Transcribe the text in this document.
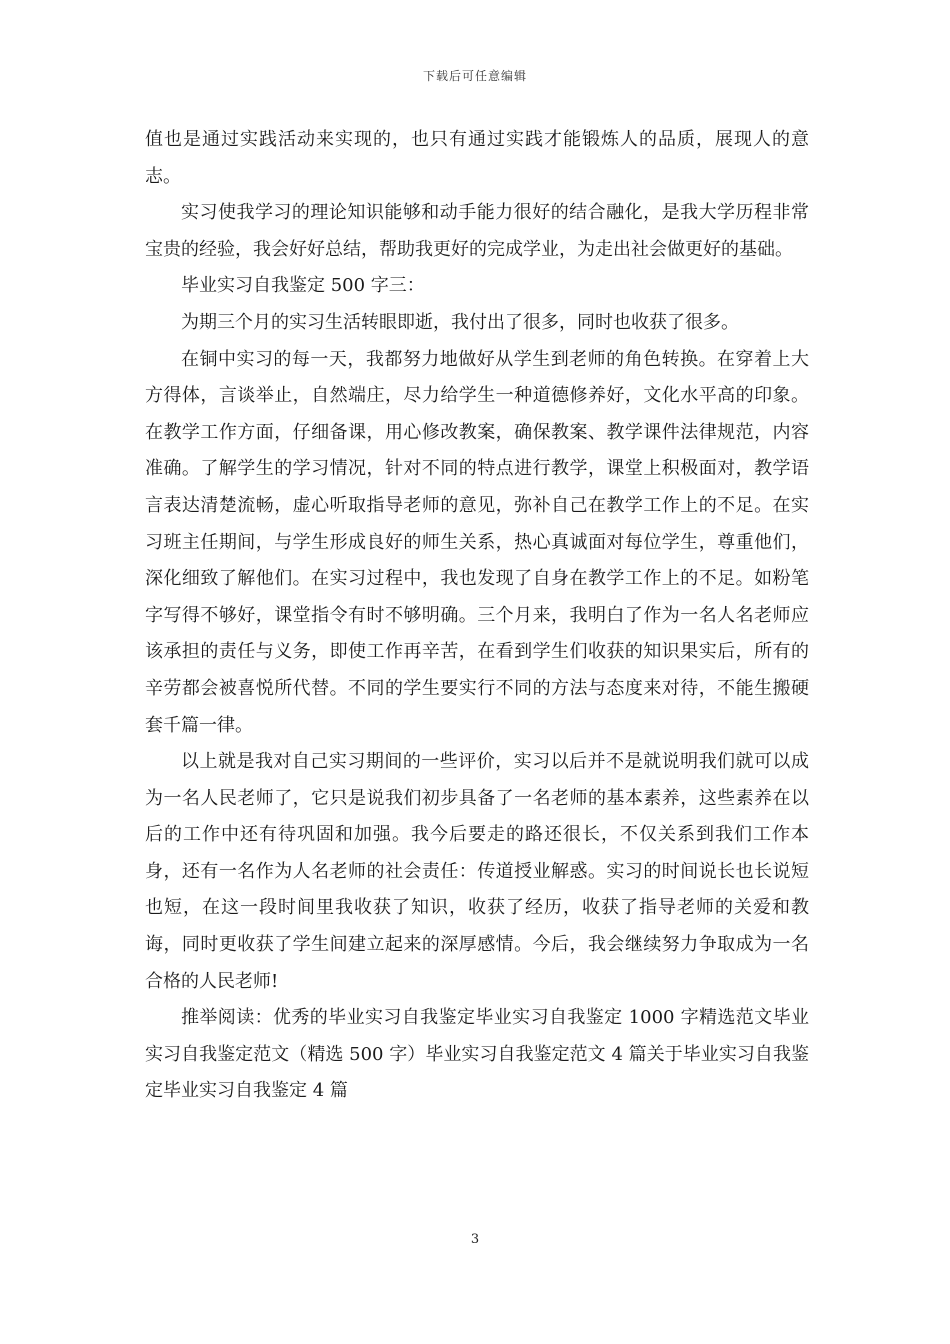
下载后可任意编辑

值也是通过实践活动来实现的，也只有通过实践才能锻炼人的品质，展现人的意志。

实习使我学习的理论知识能够和动手能力很好的结合融化，是我大学历程非常宝贵的经验，我会好好总结，帮助我更好的完成学业，为走出社会做更好的基础。

毕业实习自我鉴定 500 字三：

为期三个月的实习生活转眼即逝，我付出了很多，同时也收获了很多。

在铜中实习的每一天，我都努力地做好从学生到老师的角色转换。在穿着上大方得体，言谈举止，自然端庄，尽力给学生一种道德修养好，文化水平高的印象。在教学工作方面，仔细备课，用心修改教案，确保教案、教学课件法律规范，内容准确。了解学生的学习情况，针对不同的特点进行教学，课堂上积极面对，教学语言表达清楚流畅，虚心听取指导老师的意见，弥补自己在教学工作上的不足。在实习班主任期间，与学生形成良好的师生关系，热心真诚面对每位学生，尊重他们，深化细致了解他们。在实习过程中，我也发现了自身在教学工作上的不足。如粉笔字写得不够好，课堂指令有时不够明确。三个月来，我明白了作为一名人名老师应该承担的责任与义务，即使工作再辛苦，在看到学生们收获的知识果实后，所有的辛劳都会被喜悦所代替。不同的学生要实行不同的方法与态度来对待，不能生搬硬套千篇一律。

以上就是我对自己实习期间的一些评价，实习以后并不是就说明我们就可以成为一名人民老师了，它只是说我们初步具备了一名老师的基本素养，这些素养在以后的工作中还有待巩固和加强。我今后要走的路还很长，不仅关系到我们工作本身，还有一名作为人名老师的社会责任：传道授业解惑。实习的时间说长也长说短也短，在这一段时间里我收获了知识，收获了经历，收获了指导老师的关爱和教诲，同时更收获了学生间建立起来的深厚感情。今后，我会继续努力争取成为一名合格的人民老师!

推举阅读：优秀的毕业实习自我鉴定毕业实习自我鉴定 1000 字精选范文毕业实习自我鉴定范文（精选 500 字）毕业实习自我鉴定范文 4 篇关于毕业实习自我鉴定毕业实习自我鉴定 4 篇

3
